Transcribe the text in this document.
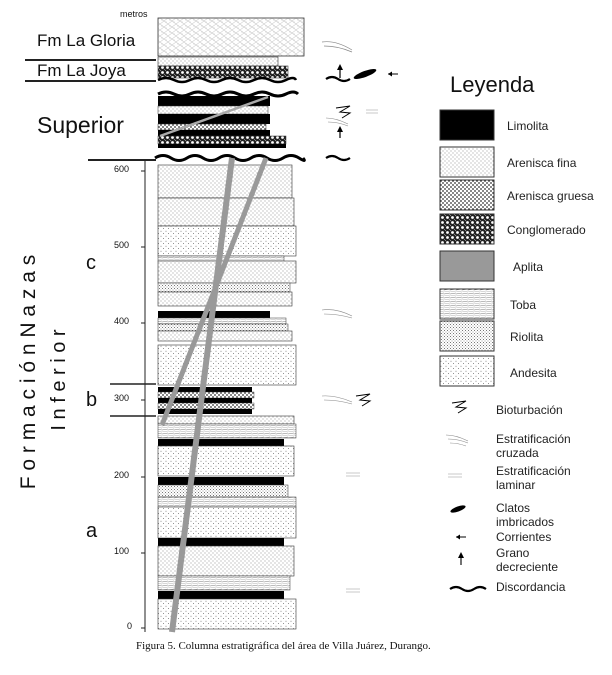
metros
600
500
400
300
200
100
0
Fm La Gloria
Fm La Joya
Superior
F o r m a c i ó n N a z a s I n f e r i o r
c
b
a
Leyenda
Limolita
Arenisca fina
Arenisca gruesa
Conglomerado
Aplita
Toba
Riolita
Andesita
Bioturbación
Estratificación
cruzada
Estratificación
laminar
Clatos
imbricados
Corrientes
Grano
decreciente
Discordancia
Figura 5. Columna estratigráfica del área de Villa Juárez, Durango.
